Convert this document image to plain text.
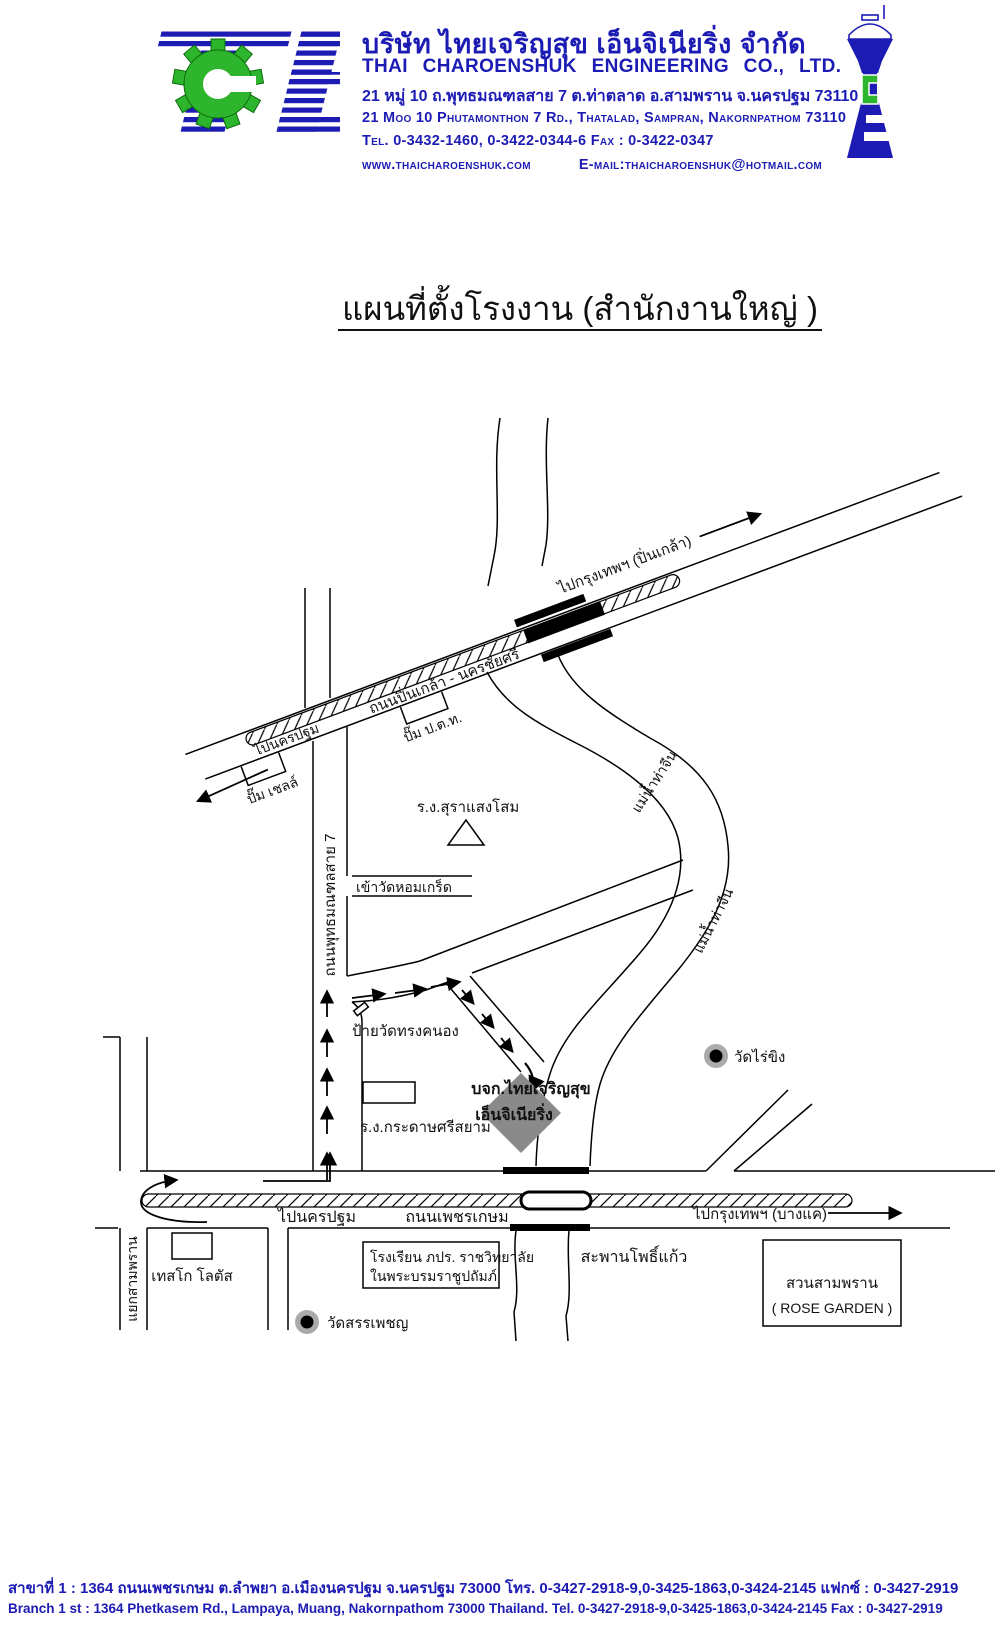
บริษัท ไทยเจริญสุข เอ็นจิเนียริ่ง จำกัด
THAI CHAROENSHUK ENGINEERING CO., LTD.
21 หมู่ 10 ถ.พุทธมณฑลสาย 7 ต.ท่าตลาด อ.สามพราน จ.นครปฐม 73110
21 Moo 10 Phutamonthon 7 Rd., Thatalad, Sampran, Nakornpathom 73110
Tel. 0-3432-1460, 0-3422-0344-6 Fax : 0-3422-0347
www.thaicharoenshuk.com	E-mail:thaicharoenshuk@hotmail.com
แผนที่ตั้งโรงงาน (สำนักงานใหญ่ )
แม่น้ำท่าจีน
แม่น้ำท่าจีน
ถนนปิ่นเกล้า - นครชัยศรี
ไปนครปฐม
ไปกรุงเทพฯ (ปิ่นเกล้า)
ปั๊ม เชลล์
ปั๊ม ป.ต.ท.
ถนนพุทธมณฑลสาย 7 เข้าวัดหอมเกร็ด
ร.ง.สุราแสงโสม
ป้ายวัดทรงคนอง
บจก.ไทยเจริญสุข
เอ็นจิเนียริ่ง
ร.ง.กระดาษศรีสยาม
วัดไร่ขิง
ไปนครปฐม	ถนนเพชรเกษม	ไปกรุงเทพฯ (บางแค)
แยกสามพราน เทสโก โลตัส
โรงเรียน ภปร. ราชวิทยาลัย
ในพระบรมราชูปถัมภ์
สะพานโพธิ์แก้ว
วัดสรรเพชญ
สวนสามพราน
( ROSE GARDEN )
สาขาที่ 1 : 1364 ถนนเพชรเกษม ต.ลำพยา อ.เมืองนครปฐม จ.นครปฐม 73000 โทร. 0-3427-2918-9,0-3425-1863,0-3424-2145 แฟกซ์ : 0-3427-2919
Branch 1 st : 1364 Phetkasem Rd., Lampaya, Muang, Nakornpathom 73000 Thailand. Tel. 0-3427-2918-9,0-3425-1863,0-3424-2145 Fax : 0-3427-2919
